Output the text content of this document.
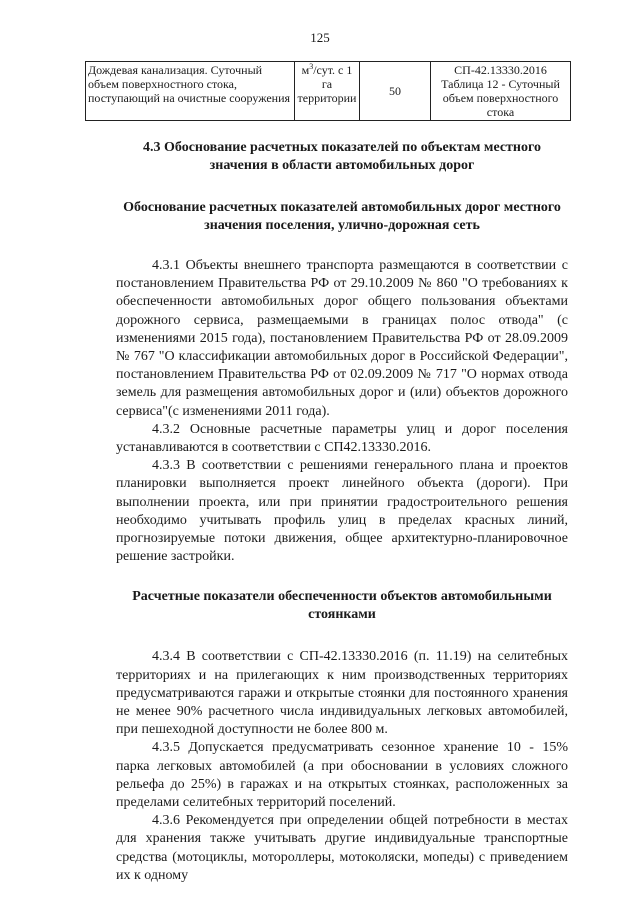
125
Дождевая канализация. Суточный объем поверхностного стока, поступающий на очистные сооружения	$м^3$/сут. с 1 га территории	50	СП-42.13330.2016 Таблица 12 - Суточный объем поверхностного стока
4.3 Обоснование расчетных показателей по объектам местного значения в области автомобильных дорог
Обоснование расчетных показателей автомобильных дорог местного значения поселения, улично-дорожная сеть

4.3.1 Объекты внешнего транспорта размещаются в соответствии с постановлением Правительства РФ от 29.10.2009 № 860 "О требованиях к обеспеченности автомобильных дорог общего пользования объектами дорожного сервиса, размещаемыми в границах полос отвода" (с изменениями 2015 года), постановлением Правительства РФ от 28.09.2009 № 767 "О классификации автомобильных дорог в Российской Федерации", постановлением Правительства РФ от 02.09.2009 № 717 "О нормах отвода земель для размещения автомобильных дорог и (или) объектов дорожного сервиса"(с изменениями 2011 года).

4.3.2 Основные расчетные параметры улиц и дорог поселения устанавливаются в соответствии с СП42.13330.2016.

4.3.3 В соответствии с решениями генерального плана и проектов планировки выполняется проект линейного объекта (дороги). При выполнении проекта, или при принятии градостроительного решения необходимо учитывать профиль улиц в пределах красных линий, прогнозируемые потоки движения, общее архитектурно-планировочное решение застройки.

Расчетные показатели обеспеченности объектов автомобильными стоянками

4.3.4 В соответствии с СП-42.13330.2016 (п. 11.19) на селитебных территориях и на прилегающих к ним производственных территориях предусматриваются гаражи и открытые стоянки для постоянного хранения не менее 90% расчетного числа индивидуальных легковых автомобилей, при пешеходной доступности не более 800 м.

4.3.5 Допускается предусматривать сезонное хранение 10 - 15% парка легковых автомобилей (а при обосновании в условиях сложного рельефа до 25%) в гаражах и на открытых стоянках, расположенных за пределами селитебных территорий поселений.

4.3.6 Рекомендуется при определении общей потребности в местах для хранения также учитывать другие индивидуальные транспортные средства (мотоциклы, мотороллеры, мотоколяски, мопеды) с приведением их к одному
